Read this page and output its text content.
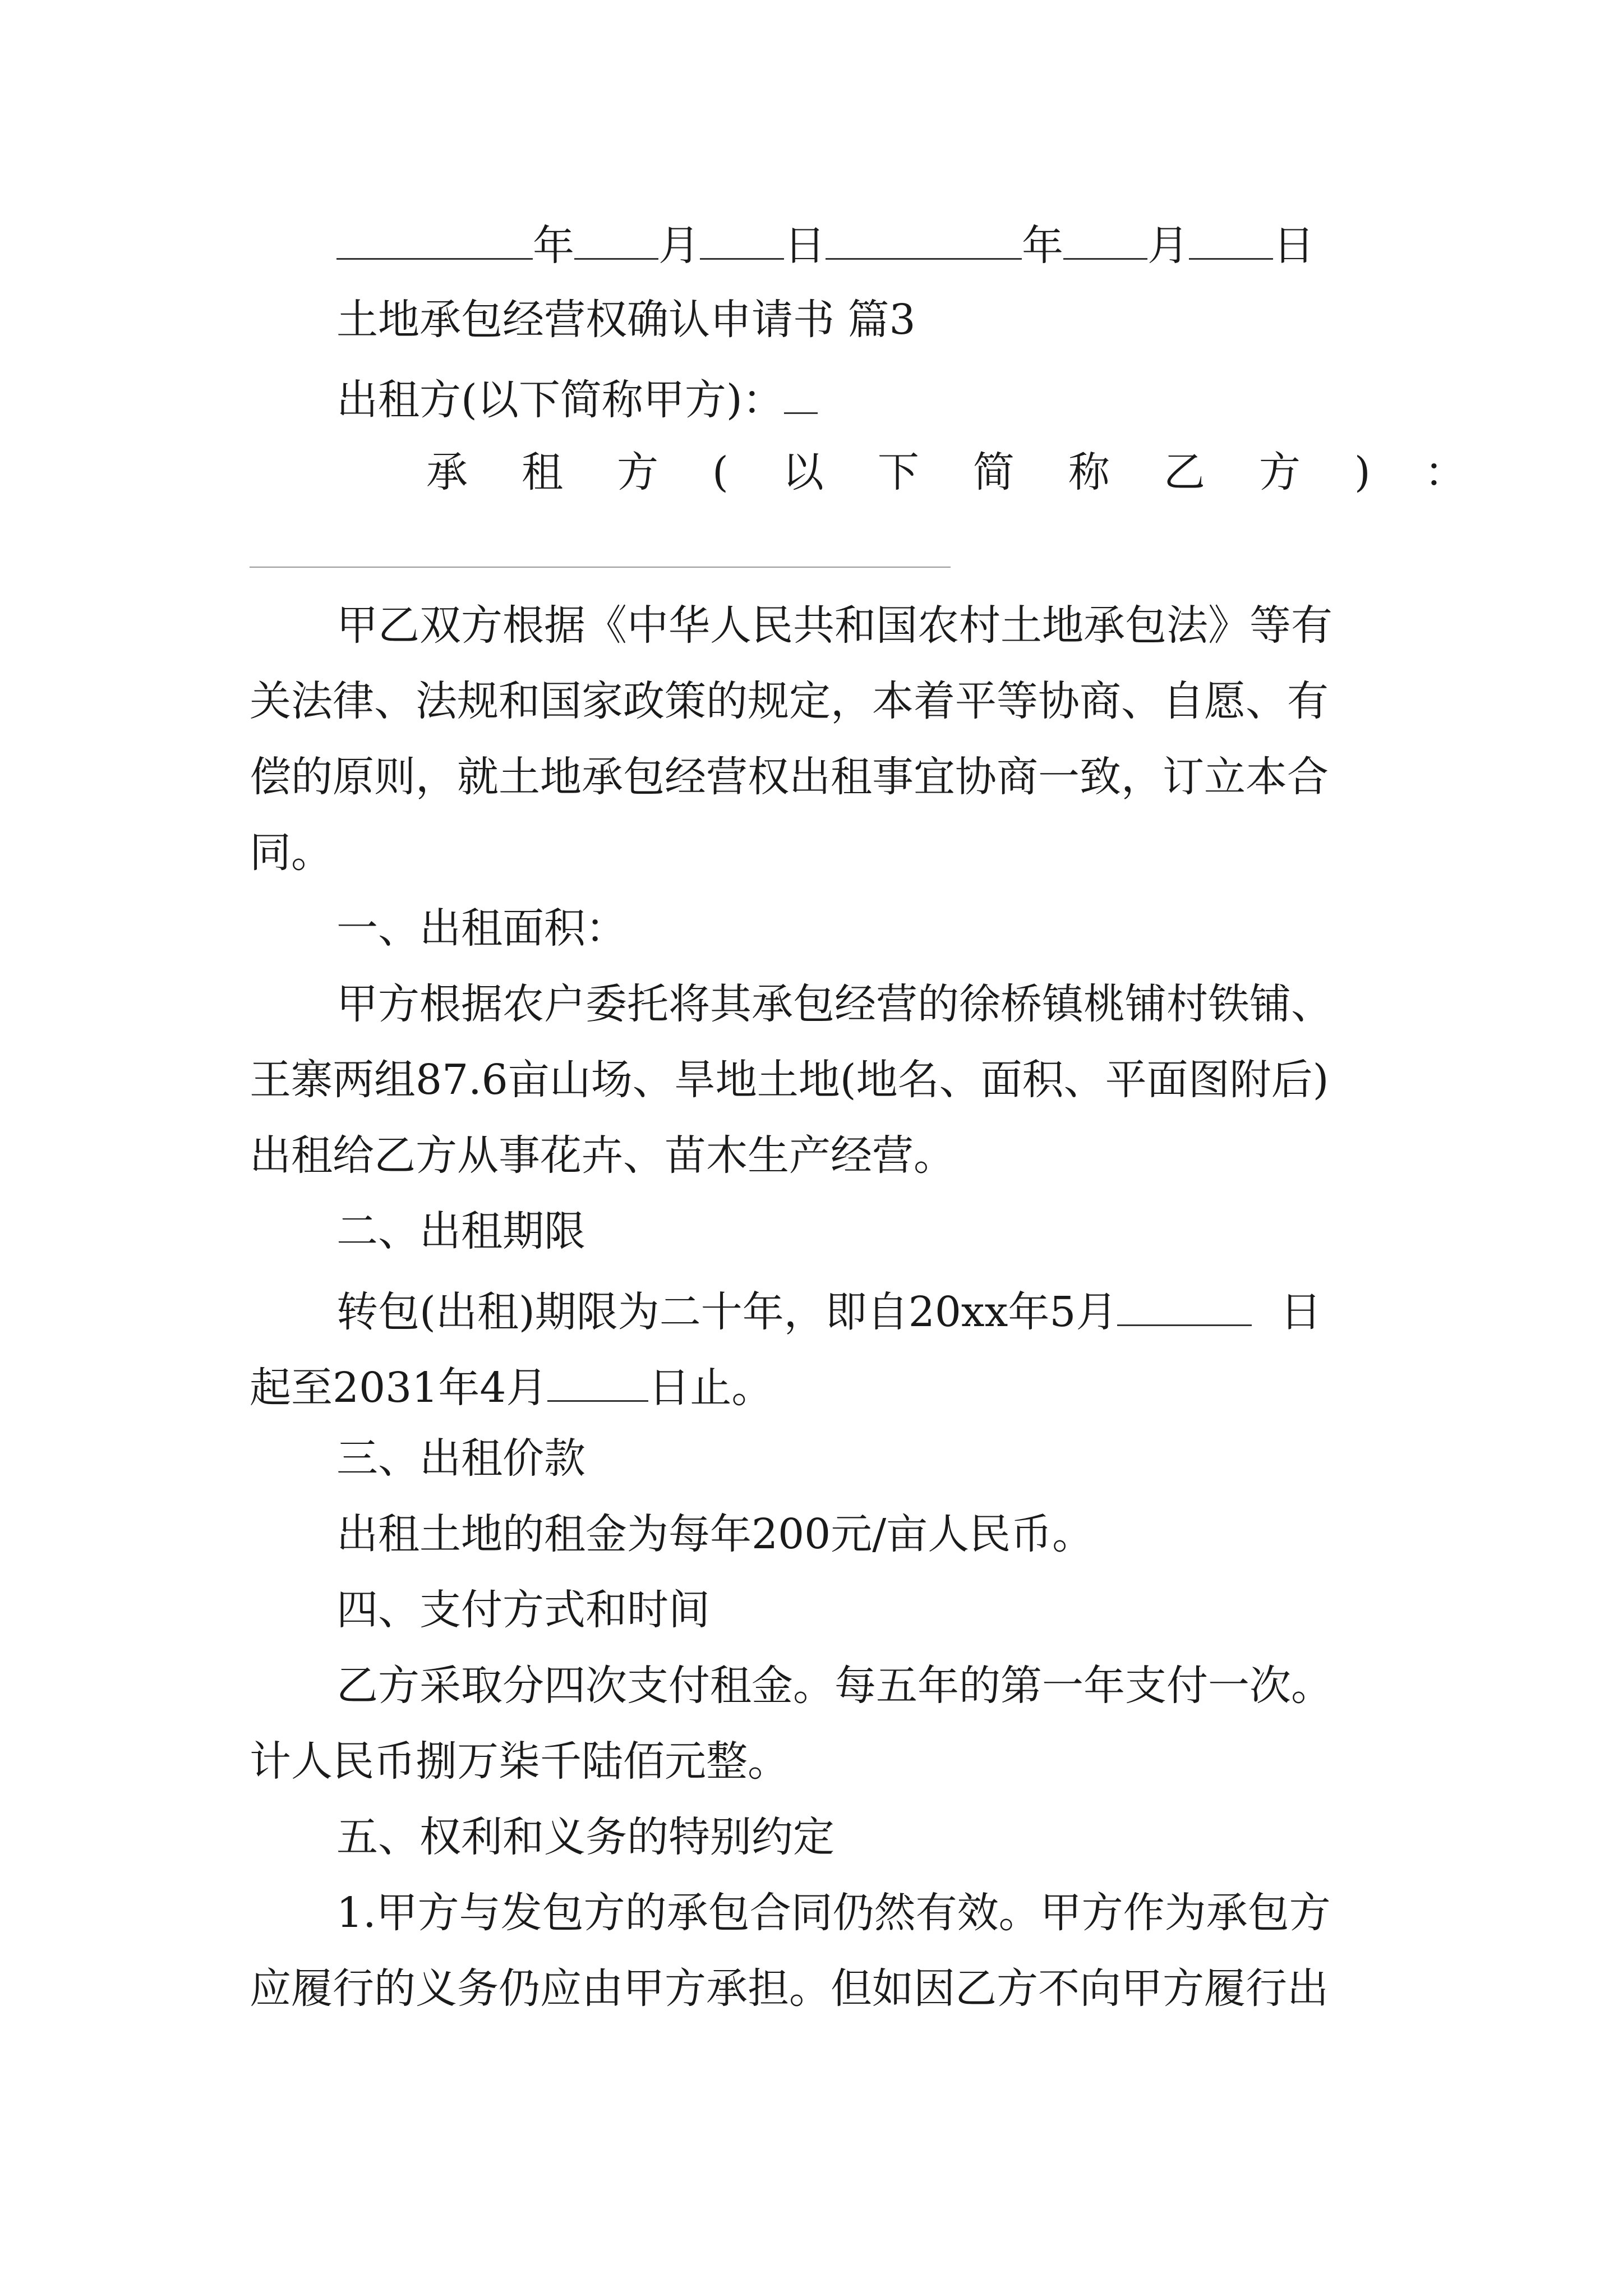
年 月 日	年 月 日

土地承包经营权确认申请书 篇3

出租方(以下简称甲方)：

承租方(以下简称乙方)：

甲乙双方根据《中华人民共和国农村土地承包法》等有

关法律、法规和国家政策的规定，本着平等协商、自愿、有

偿的原则，就土地承包经营权出租事宜协商一致，订立本合

同。

一、出租面积：

甲方根据农户委托将其承包经营的徐桥镇桃铺村铁铺、

王寨两组87.6亩山场、旱地土地(地名、面积、平面图附后)

出租给乙方从事花卉、苗木生产经营。

二、出租期限

转包(出租)期限为二十年，即自20xx年5月	日

起至2031年4月 日止。

三、出租价款

出租土地的租金为每年200元/亩人民币。

四、支付方式和时间

乙方采取分四次支付租金。每五年的第一年支付一次。

计人民币捌万柒千陆佰元整。

五、权利和义务的特别约定

1.甲方与发包方的承包合同仍然有效。甲方作为承包方

应履行的义务仍应由甲方承担。但如因乙方不向甲方履行出
